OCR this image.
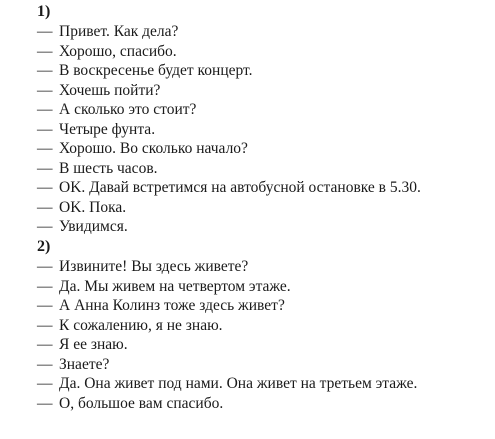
1)
— Привет. Как дела?
— Хорошо, спасибо.
— В воскресенье будет концерт.
— Хочешь пойти?
— А сколько это стоит?
— Четыре фунта.
— Хорошо. Во сколько начало?
— В шесть часов.
— OK. Давай встретимся на автобусной остановке в 5.30.
— OK. Пока.
— Увидимся.
2)
— Извините! Вы здесь живете?
— Да. Мы живем на четвертом этаже.
— А Анна Колинз тоже здесь живет?
— К сожалению, я не знаю.
— Я ее знаю.
— Знаете?
— Да. Она живет под нами. Она живет на третьем этаже.
— О, большое вам спасибо.
